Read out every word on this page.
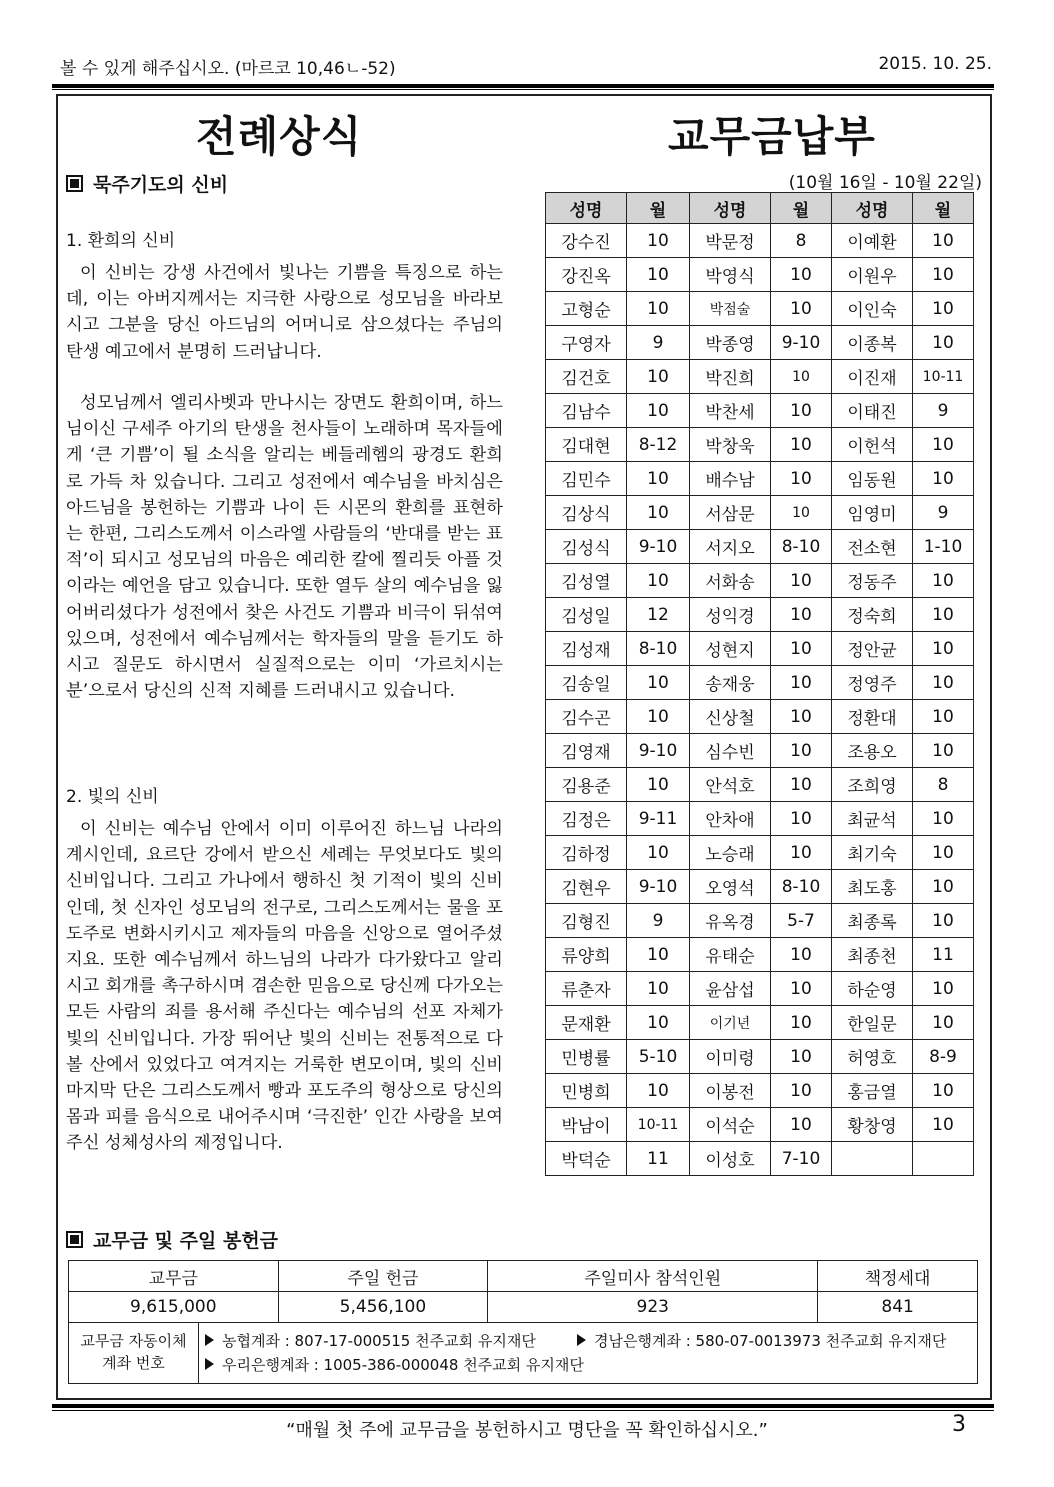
볼 수 있게 해주십시오. (마르코 10,46ㄴ-52)	2015. 10. 25.
전례상식	교무금납부
묵주기도의 신비	(10월 16일 - 10월 22일)
1. 환희의 신비
이 신비는 강생 사건에서 빛나는 기쁨을 특징으로 하는데, 이는 아버지께서는 지극한 사랑으로 성모님을 바라보시고 그분을 당신 아드님의 어머니로 삼으셨다는 주님의 탄생 예고에서 분명히 드러납니다.
성모님께서 엘리사벳과 만나시는 장면도 환희이며, 하느님이신 구세주 아기의 탄생을 천사들이 노래하며 목자들에게 ‘큰 기쁨’이 될 소식을 알리는 베들레헴의 광경도 환희로 가득 차 있습니다. 그리고 성전에서 예수님을 바치심은 아드님을 봉헌하는 기쁨과 나이 든 시몬의 환희를 표현하는 한편, 그리스도께서 이스라엘 사람들의 ‘반대를 받는 표적’이 되시고 성모님의 마음은 예리한 칼에 찔리듯 아플 것이라는 예언을 담고 있습니다. 또한 열두 살의 예수님을 잃어버리셨다가 성전에서 찾은 사건도 기쁨과 비극이 뒤섞여 있으며, 성전에서 예수님께서는 학자들의 말을 듣기도 하시고 질문도 하시면서 실질적으로는 이미 ‘가르치시는 분’으로서 당신의 신적 지혜를 드러내시고 있습니다.
2. 빛의 신비
이 신비는 예수님 안에서 이미 이루어진 하느님 나라의 계시인데, 요르단 강에서 받으신 세례는 무엇보다도 빛의 신비입니다. 그리고 가나에서 행하신 첫 기적이 빛의 신비인데, 첫 신자인 성모님의 전구로, 그리스도께서는 물을 포도주로 변화시키시고 제자들의 마음을 신앙으로 열어주셨지요. 또한 예수님께서 하느님의 나라가 다가왔다고 알리시고 회개를 촉구하시며 겸손한 믿음으로 당신께 다가오는 모든 사람의 죄를 용서해 주신다는 예수님의 선포 자체가 빛의 신비입니다. 가장 뛰어난 빛의 신비는 전통적으로 다볼 산에서 있었다고 여겨지는 거룩한 변모이며, 빛의 신비 마지막 단은 그리스도께서 빵과 포도주의 형상으로 당신의 몸과 피를 음식으로 내어주시며 ‘극진한’ 인간 사랑을 보여주신 성체성사의 제정입니다.
성명	월	성명	월	성명	월
강수진	10	박문정	8	이예환	10
강진옥	10	박영식	10	이원우	10
고형순	10	박점술	10	이인숙	10
구영자	9	박종영	9-10	이종복	10
김건호	10	박진희	10	이진재	10-11
김남수	10	박찬세	10	이태진	9
김대현	8-12	박창욱	10	이헌석	10
김민수	10	배수남	10	임동원	10
김상식	10	서삼문	10	임영미	9
김성식	9-10	서지오	8-10	전소현	1-10
김성열	10	서화송	10	정동주	10
김성일	12	성익경	10	정숙희	10
김성재	8-10	성현지	10	정안균	10
김송일	10	송재웅	10	정영주	10
김수곤	10	신상철	10	정환대	10
김영재	9-10	심수빈	10	조용오	10
김용준	10	안석호	10	조희영	8
김정은	9-11	안차애	10	최균석	10
김하정	10	노승래	10	최기숙	10
김현우	9-10	오영석	8-10	최도홍	10
김형진	9	유옥경	5-7	최종록	10
류양희	10	유태순	10	최종천	11
류춘자	10	윤삼섭	10	하순영	10
문재환	10	이기년	10	한일문	10
민병률	5-10	이미령	10	허영호	8-9
민병희	10	이봉전	10	홍금열	10
박남이	10-11	이석순	10	황창영	10
박덕순	11	이성호	7-10		
교무금 및 주일 봉헌금
교무금	주일 헌금	주일미사 참석인원	책정세대
9,615,000	5,456,100	923	841
교무금 자동이체
계좌 번호
농협계좌 : 807-17-000515 천주교회 유지재단	경남은행계좌 : 580-07-0013973 천주교회 유지재단
우리은행계좌 : 1005-386-000048 천주교회 유지재단
“매월 첫 주에 교무금을 봉헌하시고 명단을 꼭 확인하십시오.”	3
